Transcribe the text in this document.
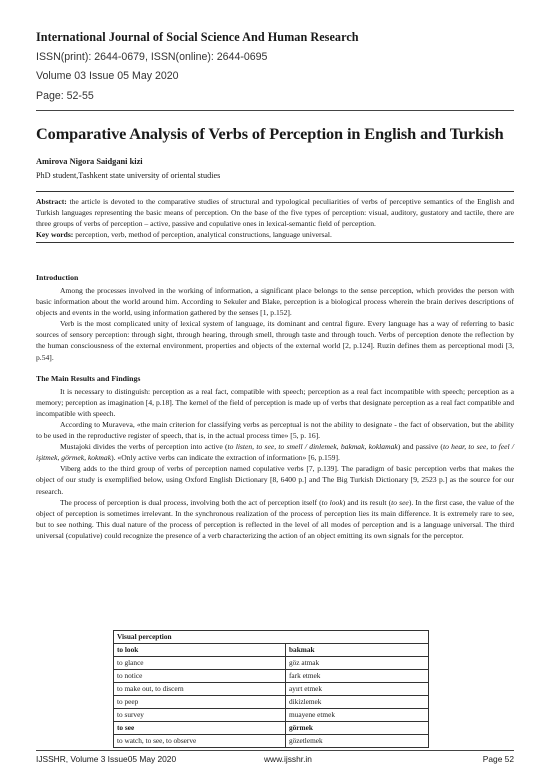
International Journal of Social Science And Human Research
ISSN(print): 2644-0679, ISSN(online): 2644-0695
Volume 03 Issue 05 May 2020
Page: 52-55
Comparative Analysis of Verbs of Perception in English and Turkish
Amirova Nigora Saidgani kizi
PhD student,Tashkent state university of oriental studies

Abstract: the article is devoted to the comparative studies of structural and typological peculiarities of verbs of perceptive semantics of the English and Turkish languages representing the basic means of perception. On the base of the five types of perception: visual, auditory, gustatory and tactile, there are three groups of verbs of perception – active, passive and copulative ones in lexical-semantic field of perception.

Key words: perception, verb, method of perception, analytical constructions, language universal.

Introduction

Among the processes involved in the working of information, a significant place belongs to the sense perception, which provides the person with basic information about the world around him. According to Sekuler and Blake, perception is a biological process wherein the brain derives descriptions of objects and events in the world, using information gathered by the senses [1, p.152].

Verb is the most complicated unity of lexical system of language, its dominant and central figure. Every language has a way of referring to basic sources of sensory perception: through sight, through hearing, through smell, through taste and through touch. Verbs of perception denote the reflection by the human consciousness of the external environment, properties and objects of the external world [2, p.124]. Ruzin defines them as perceptional modi [3, p.54].

The Main Results and Findings

It is necessary to distinguish: perception as a real fact, compatible with speech; perception as a real fact incompatible with speech; perception as a memory; perception as imagination [4, p.18]. The kernel of the field of perception is made up of verbs that designate perception as a real fact compatible and incompatible with speech.

According to Muraveva, «the main criterion for classifying verbs as perceptual is not the ability to designate - the fact of observation, but the ability to be used in the reproductive register of speech, that is, in the actual process time» [5, p. 16].

Mustajoki divides the verbs of perception into active (to listen, to see, to smell / dinlemek, bakmak, koklamak) and passive (to hear, to see, to feel / işitmek, görmek, kokmak). «Only active verbs can indicate the extraction of information» [6, p.159].

Viberg adds to the third group of verbs of perception named copulative verbs [7, p.139]. The paradigm of basic perception verbs that makes the object of our study is exemplified below, using Oxford English Dictionary [8, 6400 p.] and The Big Turkish Dictionary [9, 2523 p.] as the source for our research.

The process of perception is dual process, involving both the act of perception itself (to look) and its result (to see). In the first case, the value of the object of perception is sometimes irrelevant. In the synchronous realization of the process of perception lies its main difference. It is extremely rare to see, but to see nothing. This dual nature of the process of perception is reflected in the level of all modes of perception and is a language universal. The third universal (copulative) could recognize the presence of a verb characterizing the action of an object emitting its own signals for the perceptor.

Visual perception	
to look	bakmak
to glance	göz atmak
to notice	fark etmek
to make out, to discern	ayırt etmek
to peep	dikizlemek
to survey	muayene etmek
to see	görmek
to watch, to see, to observe	gözetlemek
IJSSHR, Volume 3 Issue05 May 2020	www.ijsshr.in	Page 52
